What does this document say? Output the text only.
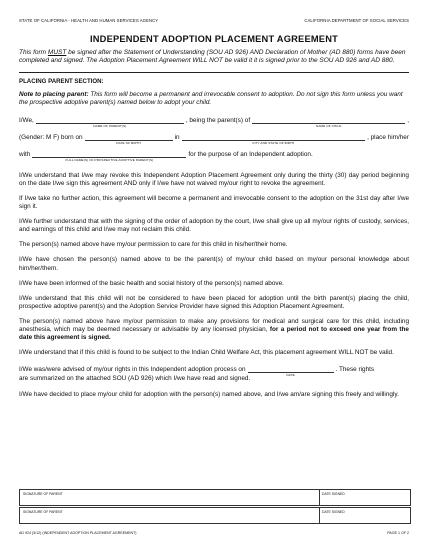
STATE OF CALIFORNIA - HEALTH AND HUMAN SERVICES AGENCY	CALIFORNIA DEPARTMENT OF SOCIAL SERVICES
INDEPENDENT ADOPTION PLACEMENT AGREEMENT

This form MUST be signed after the Statement of Understanding (SOU AD 926) AND Declaration of Mother (AD 880) forms have been completed and signed. The Adoption Placement Agreement WILL NOT be valid it it is signed prior to the SOU AD 926 and AD 880.

PLACING PARENT SECTION:
Note to placing parent: This form will become a permanent and irrevocable consent to adoption. Do not sign this form unless you want the prospective adoptive parent(s) named below to adopt your child.
I/We,
NAME OF PARENT(S)
, being the parent(s) of
NAME OF CHILD
,
(Gender: M F) born on
DATE OF BIRTH
in
CITY AND STATE OF BIRTH
, place him/her
with
FULL NAME(S) OF PROSPECTIVE ADOPTIVE PARENT(S)
for the purpose of an Independent adoption.

I/We understand that I/we may revoke this Independent Adoption Placement Agreement only during the thirty (30) day period beginning on the date I/we sign this agreement AND only if I/we have not waived my/our right to revoke the agreement.

If I/we take no further action, this agreement will become a permanent and irrevocable consent to the adoption on the 31st day after I/we sign it.

I/We further understand that with the signing of the order of adoption by the court, I/we shall give up all my/our rights of custody, services, and earnings of this child and I/we may not reclaim this child.

The person(s) named above have my/our permission to care for this child in his/her/their home.

I/We have chosen the person(s) named above to be the parent(s) of my/our child based on my/our personal knowledge about him/her/them.

I/We have been informed of the basic health and social history of the person(s) named above.

I/We understand that this child will not be considered to have been placed for adoption until the birth parent(s) placing the child, prospective adoptive parent(s) and the Adoption Service Provider have signed this Adoption Placement Agreement.

The person(s) named above have my/our permission to make any provisions for medical and surgical care for this child, including anesthesia, which may be deemed necessary or advisable by any licensed physician, for a period not to exceed one year from the date this agreement is signed.

I/We understand that if this child is found to be subject to the Indian Child Welfare Act, this placement agreement WILL NOT be valid.

I/We was/were advised of my/our rights in this Independent adoption process on
DATE
. These rights
are summarized on the attached SOU (AD 926) which I/we have read and signed.

I/We have decided to place my/our child for adoption with the person(s) named above, and I/we am/are signing this freely and willingly.

SIGNATURE OF PARENT	DATE SIGNED
SIGNATURE OF PARENT	DATE SIGNED
AD 924 (3/12) (INDEPENDENT ADOPTION PLACEMENT AGREEMENT)	PAGE 1 OF 2
